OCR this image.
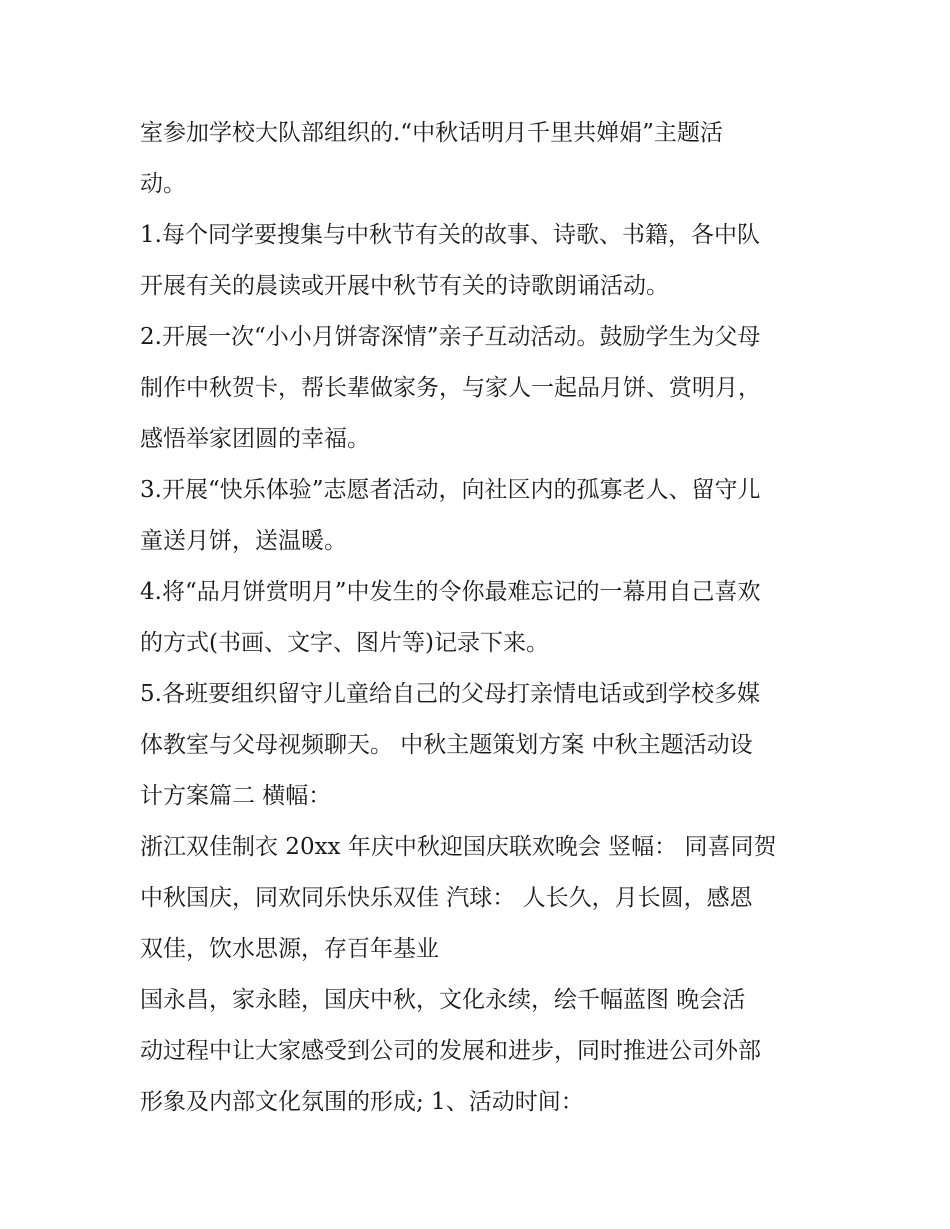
室参加学校大队部组织的.“中秋话明月千里共婵娟”主题活

动。

1.每个同学要搜集与中秋节有关的故事、诗歌、书籍，各中队

开展有关的晨读或开展中秋节有关的诗歌朗诵活动。

2.开展一次“小小月饼寄深情”亲子互动活动。鼓励学生为父母

制作中秋贺卡，帮长辈做家务，与家人一起品月饼、赏明月，

感悟举家团圆的幸福。

3.开展“快乐体验”志愿者活动，向社区内的孤寡老人、留守儿

童送月饼，送温暖。

4.将“品月饼赏明月”中发生的令你最难忘记的一幕用自己喜欢

的方式(书画、文字、图片等)记录下来。

5.各班要组织留守儿童给自己的父母打亲情电话或到学校多媒

体教室与父母视频聊天。 中秋主题策划方案 中秋主题活动设

计方案篇二 横幅：

浙江双佳制衣 20xx 年庆中秋迎国庆联欢晚会 竖幅： 同喜同贺

中秋国庆，同欢同乐快乐双佳 汽球： 人长久，月长圆，感恩

双佳，饮水思源，存百年基业

国永昌，家永睦，国庆中秋，文化永续，绘千幅蓝图 晚会活

动过程中让大家感受到公司的发展和进步，同时推进公司外部

形象及内部文化氛围的形成; 1、活动时间：
